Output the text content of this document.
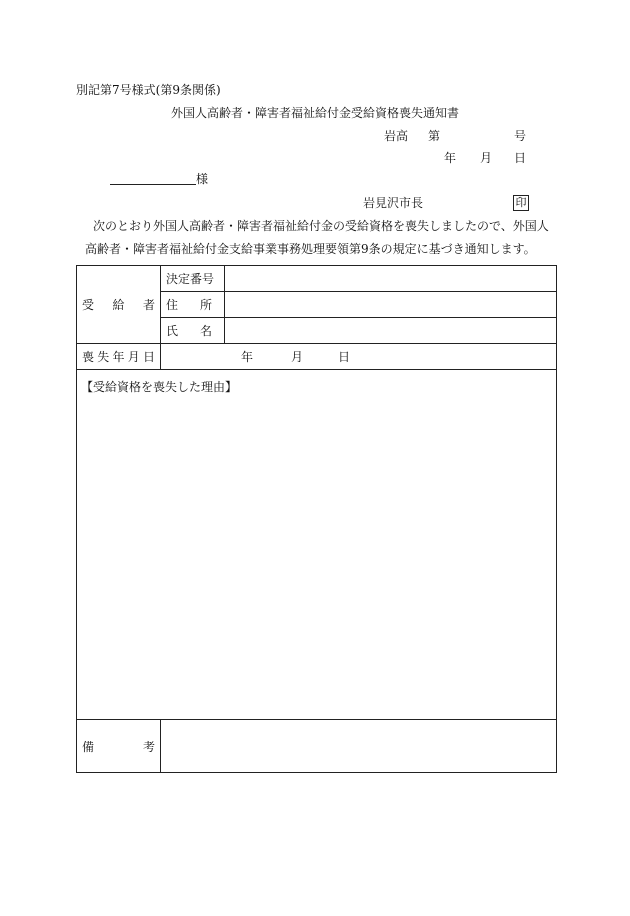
別記第7号様式(第9条関係)
外国人高齢者・障害者福祉給付金受給資格喪失通知書
岩高 第	号
年 月 日
様
岩見沢市長	印
次のとおり外国人高齢者・障害者福祉給付金の受給資格を喪失しましたので、外国人
高齢者・障害者福祉給付金支給事業事務処理要領第9条の規定に基づき通知します。
受 給 者	決定番号	

	住 所	

	氏 名	

喪 失 年 月 日	年 月 日	

【受給資格を喪失した理由】		

備 考		
